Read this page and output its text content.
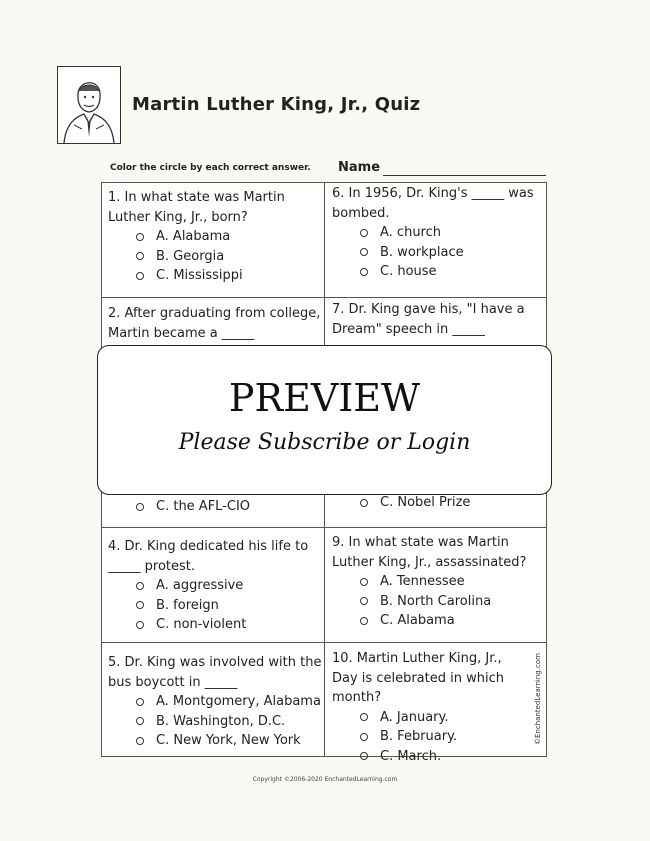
Martin Luther King, Jr., Quiz
Color the circle by each correct answer. Name

1. In what state was Martin Luther King, Jr., born?

A. Alabama
B. Georgia
C. Mississippi

2. After graduating from college, Martin became a _____

C. the AFL-CIO

4. Dr. King dedicated his life to _____ protest.

A. aggressive
B. foreign
C. non-violent

5. Dr. King was involved with the bus boycott in _____

A. Montgomery, Alabama
B. Washington, D.C.
C. New York, New York

6. In 1956, Dr. King's _____ was bombed.

A. church
B. workplace
C. house

7. Dr. King gave his, "I have a Dream" speech in _____

C. Nobel Prize

9. In what state was Martin Luther King, Jr., assassinated?

A. Tennessee
B. North Carolina
C. Alabama

10. Martin Luther King, Jr., Day is celebrated in which month?

A. January.
B. February.
C. March.
©EnchantedLearning.com
PREVIEW

Please Subscribe or Login

Copyright ©2006-2020 EnchantedLearning.com
